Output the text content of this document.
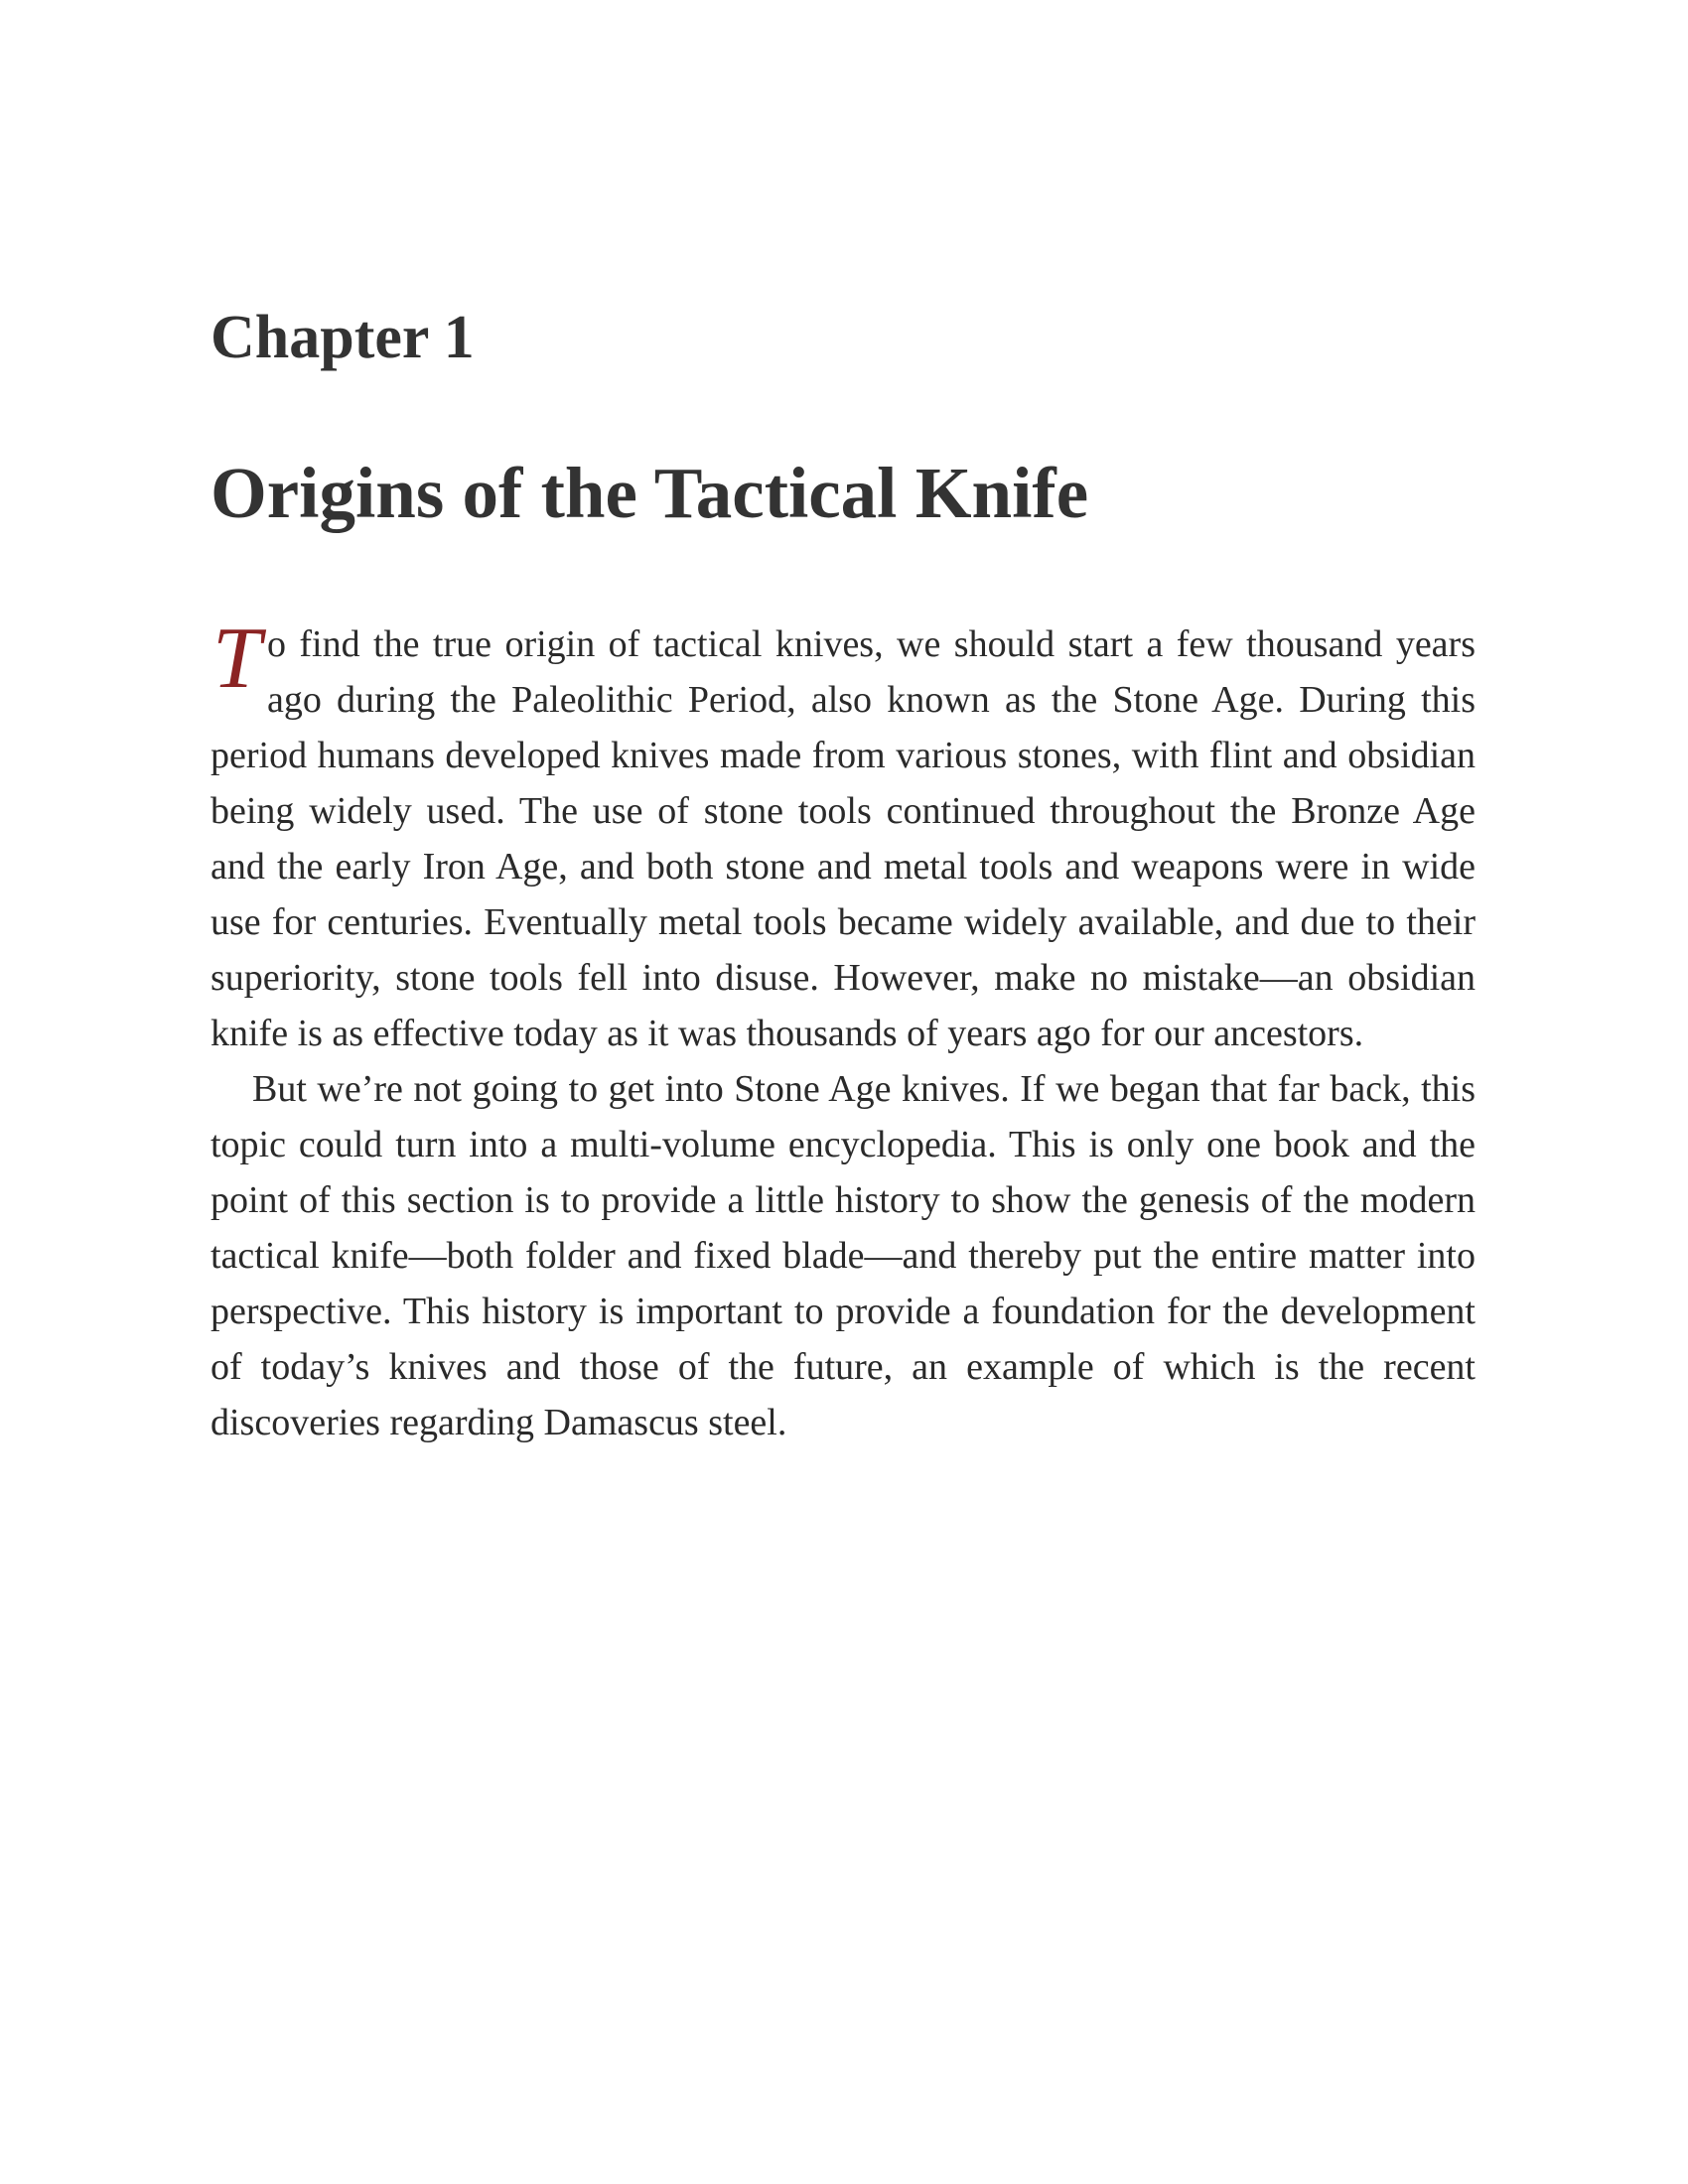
Chapter 1
Origins of the Tactical Knife

To find the true origin of tactical knives, we should start a few thousand years ago during the Paleolithic Period, also known as the Stone Age. During this period humans developed knives made from various stones, with flint and obsidian being widely used. The use of stone tools continued throughout the Bronze Age and the early Iron Age, and both stone and metal tools and weapons were in wide use for centuries. Eventually metal tools became widely available, and due to their superiority, stone tools fell into disuse. However, make no mistake—an obsidian knife is as effective today as it was thousands of years ago for our ancestors.

But we’re not going to get into Stone Age knives. If we began that far back, this topic could turn into a multi-volume encyclopedia. This is only one book and the point of this section is to provide a little history to show the genesis of the modern tactical knife—both folder and fixed blade—and thereby put the entire matter into perspective. This history is important to provide a foundation for the development of today’s knives and those of the future, an example of which is the recent discoveries regarding Damascus steel.
